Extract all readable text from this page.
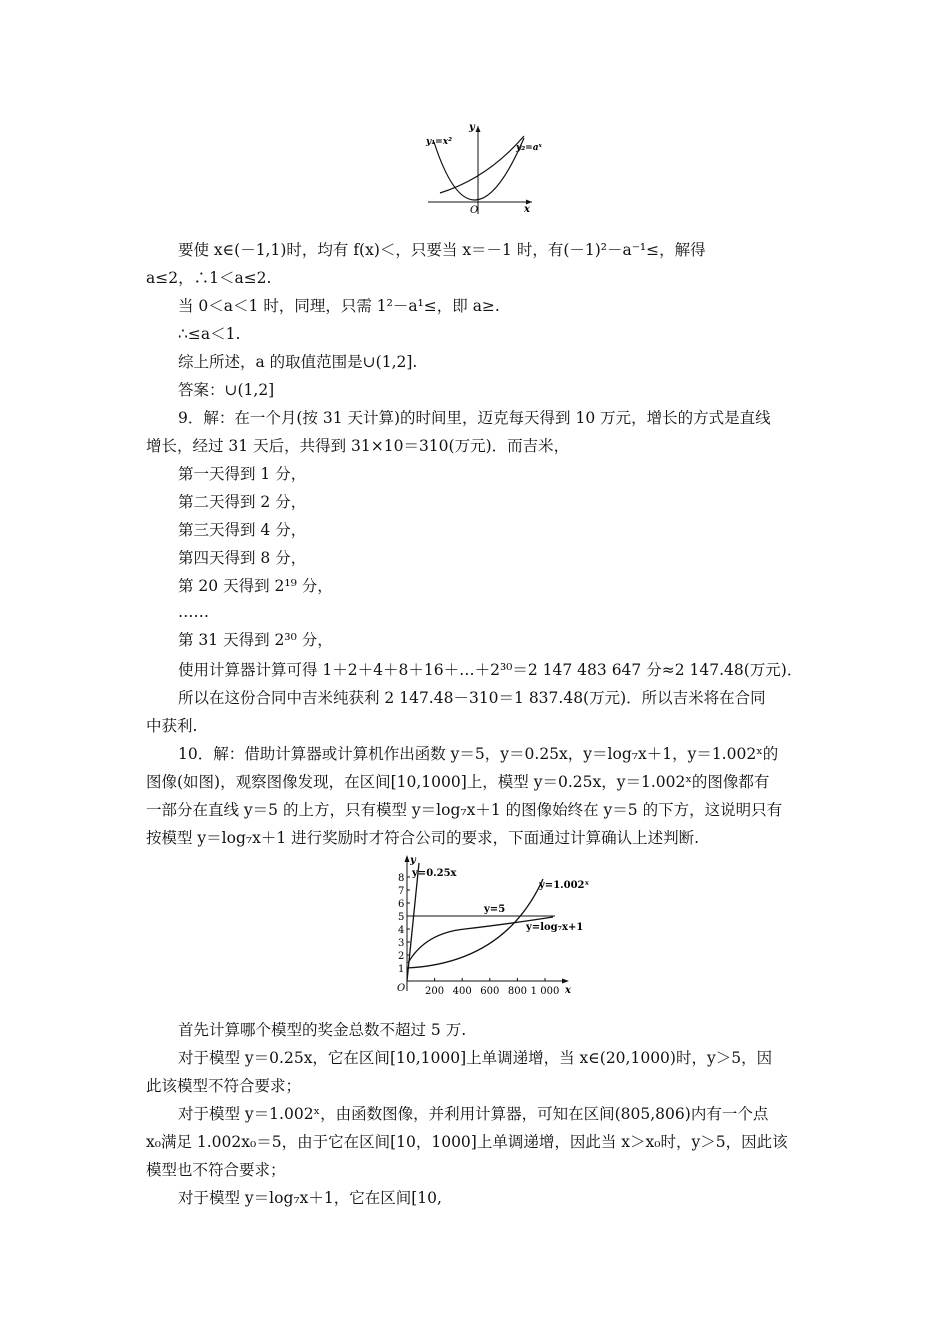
y
x
O
y₁=x²
y₂=aˣ
要使 x∈(－1,1)时，均有 f(x)＜，只要当 x＝－1 时，有(－1)²－a⁻¹≤，解得
a≤2，∴1＜a≤2.
当 0＜a＜1 时，同理，只需 1²－a¹≤，即 a≥.
∴≤a＜1.
综上所述，a 的取值范围是∪(1,2].
答案：∪(1,2]
9．解：在一个月(按 31 天计算)的时间里，迈克每天得到 10 万元，增长的方式是直线
增长，经过 31 天后，共得到 31×10＝310(万元)．而吉米，
第一天得到 1 分，
第二天得到 2 分，
第三天得到 4 分，
第四天得到 8 分，
第 20 天得到 2¹⁹ 分，
……
第 31 天得到 2³⁰ 分，
使用计算器计算可得 1＋2＋4＋8＋16＋…＋2³⁰＝2 147 483 647 分≈2 147.48(万元)．
所以在这份合同中吉米纯获利 2 147.48－310＝1 837.48(万元)．所以吉米将在合同
中获利.
10．解：借助计算器或计算机作出函数 y＝5，y＝0.25x，y＝log₇x＋1，y＝1.002ˣ的
图像(如图)，观察图像发现，在区间[10,1000]上，模型 y＝0.25x，y＝1.002ˣ的图像都有
一部分在直线 y＝5 的上方，只有模型 y＝log₇x＋1 的图像始终在 y＝5 的下方，这说明只有
按模型 y＝log₇x＋1 进行奖励时才符合公司的要求，下面通过计算确认上述判断.
1
2
3
4
5
6
7
8
200 400 600 800 1 000
y=0.25x
y=5
y=1.002ˣ
y=log₇x+1
y
x
O
首先计算哪个模型的奖金总数不超过 5 万.
对于模型 y＝0.25x，它在区间[10,1000]上单调递增，当 x∈(20,1000)时，y＞5，因
此该模型不符合要求；
对于模型 y＝1.002ˣ，由函数图像，并利用计算器，可知在区间(805,806)内有一个点
x₀满足 1.002x₀＝5，由于它在区间[10，1000]上单调递增，因此当 x＞x₀时，y＞5，因此该
模型也不符合要求；
对于模型 y＝log₇x＋1，它在区间[10,
